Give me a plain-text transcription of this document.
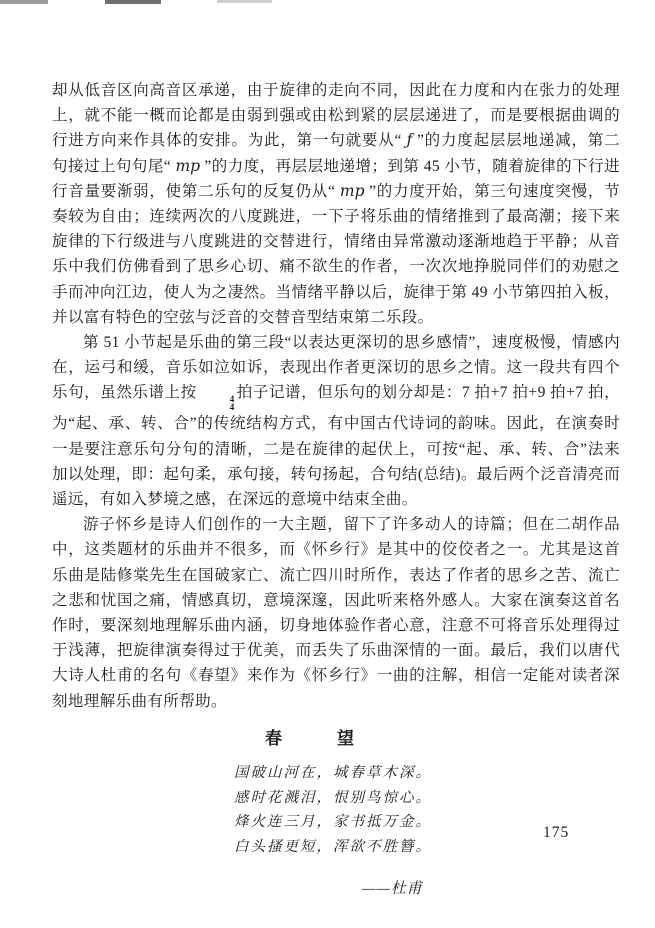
却从低音区向高音区承递，由于旋律的走向不同，因此在力度和内在张力的处理上，就不能一概而论都是由弱到强或由松到紧的层层递进了，而是要根据曲调的行进方向来作具体的安排。为此，第一句就要从“ ƒ ”的力度起层层地递减，第二句接过上句句尾“ mp ”的力度，再层层地递增；到第 45 小节，随着旋律的下行进行音量要渐弱，使第二乐句的反复仍从“ mp ”的力度开始，第三句速度突慢，节奏较为自由；连续两次的八度跳进，一下子将乐曲的情绪推到了最高潮；接下来旋律的下行级进与八度跳进的交替进行，情绪由异常激动逐渐地趋于平静；从音乐中我们仿佛看到了思乡心切、痛不欲生的作者，一次次地挣脱同伴们的劝慰之手而冲向江边，使人为之凄然。当情绪平静以后，旋律于第 49 小节第四拍入板，并以富有特色的空弦与泛音的交替音型结束第二乐段。

第 51 小节起是乐曲的第三段“以表达更深切的思乡感情”，速度极慢，情感内在，运弓和缓，音乐如泣如诉，表现出作者更深切的思乡之情。这一段共有四个乐句，虽然乐谱上按	4
4
拍子记谱，但乐句的划分却是：7 拍+7 拍+9 拍+7 拍，为“起、承、转、合”的传统结构方式，有中国古代诗词的韵味。因此，在演奏时一是要注意乐句分句的清晰，二是在旋律的起伏上，可按“起、承、转、合”法来加以处理，即：起句柔，承句接，转句扬起，合句结(总结)。最后两个泛音清亮而遥远，有如入梦境之感，在深远的意境中结束全曲。

游子怀乡是诗人们创作的一大主题，留下了许多动人的诗篇；但在二胡作品中，这类题材的乐曲并不很多，而《怀乡行》是其中的佼佼者之一。尤其是这首乐曲是陆修棠先生在国破家亡、流亡四川时所作，表达了作者的思乡之苦、流亡之悲和忧国之痛，情感真切，意境深邃，因此听来格外感人。大家在演奏这首名作时，要深刻地理解乐曲内涵，切身地体验作者心意，注意不可将音乐处理得过于浅薄，把旋律演奏得过于优美，而丢失了乐曲深情的一面。最后，我们以唐代大诗人杜甫的名句《春望》来作为《怀乡行》一曲的注解，相信一定能对读者深刻地理解乐曲有所帮助。

春　　　望
国破山河在，城春草木深。
感时花溅泪，恨别鸟惊心。
烽火连三月，家书抵万金。
白头搔更短，浑欲不胜簪。
——杜甫
175
